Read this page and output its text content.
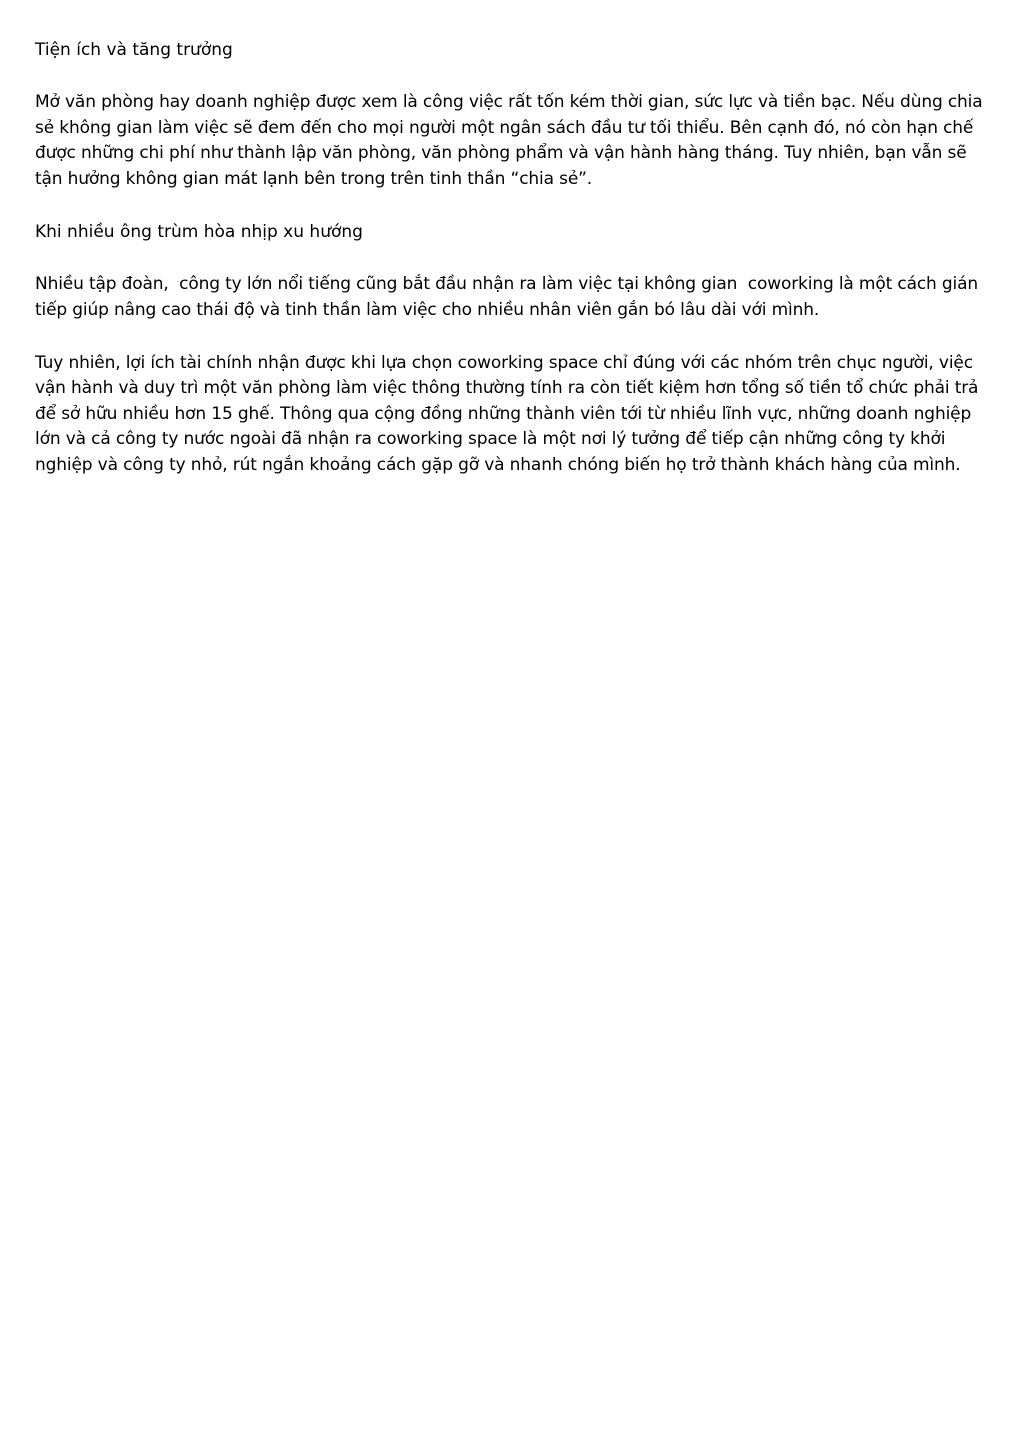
Tiện ích và tăng trưởng

Mở văn phòng hay doanh nghiệp được xem là công việc rất tốn kém thời gian, sức lực và tiền bạc. Nếu dùng chia sẻ không gian làm việc sẽ đem đến cho mọi người một ngân sách đầu tư tối thiểu. Bên cạnh đó, nó còn hạn chế được những chi phí như thành lập văn phòng, văn phòng phẩm và vận hành hàng tháng. Tuy nhiên, bạn vẫn sẽ tận hưởng không gian mát lạnh bên trong trên tinh thần “chia sẻ”.

Khi nhiều ông trùm hòa nhịp xu hướng

Nhiều tập đoàn,  công ty lớn nổi tiếng cũng bắt đầu nhận ra làm việc tại không gian  coworking là một cách gián tiếp giúp nâng cao thái độ và tinh thần làm việc cho nhiều nhân viên gắn bó lâu dài với mình.

Tuy nhiên, lợi ích tài chính nhận được khi lựa chọn coworking space chỉ đúng với các nhóm trên chục người, việc vận hành và duy trì một văn phòng làm việc thông thường tính ra còn tiết kiệm hơn tổng số tiền tổ chức phải trả để sở hữu nhiều hơn 15 ghế. Thông qua cộng đồng những thành viên tới từ nhiều lĩnh vực, những doanh nghiệp lớn và cả công ty nước ngoài đã nhận ra coworking space là một nơi lý tưởng để tiếp cận những công ty khởi nghiệp và công ty nhỏ, rút ngắn khoảng cách gặp gỡ và nhanh chóng biến họ trở thành khách hàng của mình.
